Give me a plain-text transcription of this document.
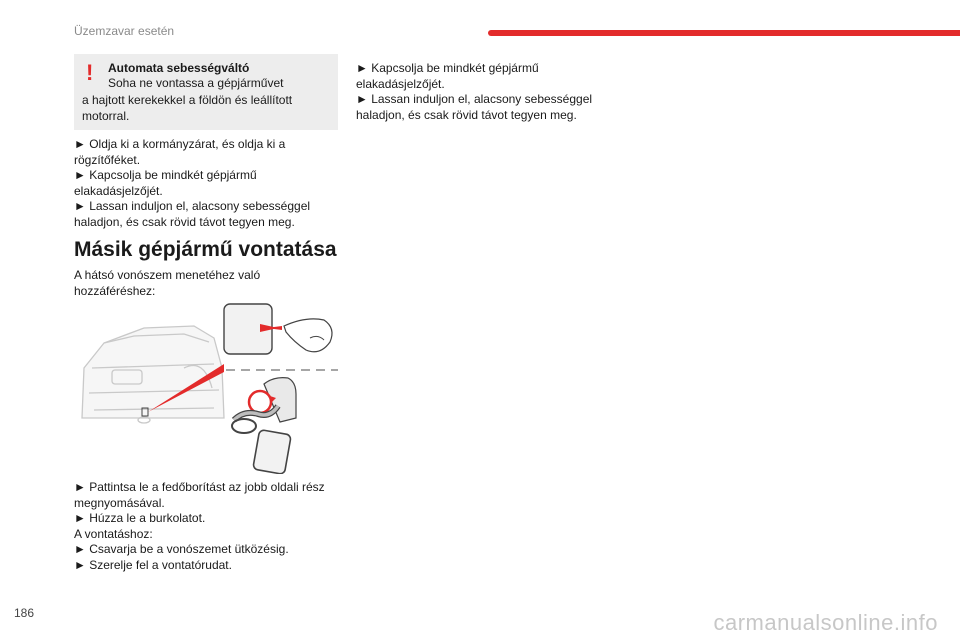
Üzemzavar esetén
!	Automata sebességváltó
Soha ne vontassa a gépjárművet
a hajtott kerekekkel a földön és leállított motorral.
► Oldja ki a kormányzárat, és oldja ki a rögzítőféket.
► Kapcsolja be mindkét gépjármű elakadásjelzőjét.
► Lassan induljon el, alacsony sebességgel haladjon, és csak rövid távot tegyen meg.
Másik gépjármű vontatása
A hátsó vonószem menetéhez való hozzáféréshez:
► Pattintsa le a fedőborítást az jobb oldali rész megnyomásával.
► Húzza le a burkolatot.
A vontatáshoz:
► Csavarja be a vonószemet ütközésig.
► Szerelje fel a vontatórudat.
► Kapcsolja be mindkét gépjármű elakadásjelzőjét.
► Lassan induljon el, alacsony sebességgel haladjon, és csak rövid távot tegyen meg.
186	carmanualsonline.info
